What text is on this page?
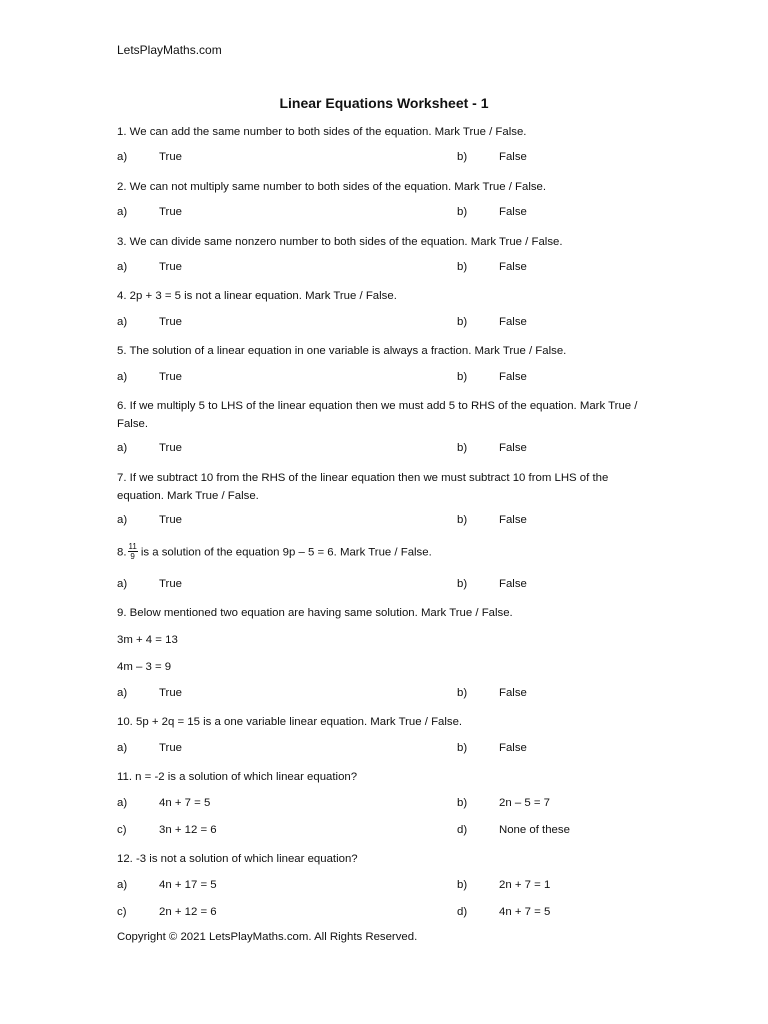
LetsPlayMaths.com
Linear Equations Worksheet - 1
1. We can add the same number to both sides of the equation. Mark True / False.
a)	True	b)	False
2. We can not multiply same number to both sides of the equation. Mark True / False.
a)	True	b)	False
3. We can divide same nonzero number to both sides of the equation. Mark True / False.
a)	True	b)	False
4. 2p + 3 = 5 is not a linear equation. Mark True / False.
a)	True	b)	False
5. The solution of a linear equation in one variable is always a fraction. Mark True / False.
a)	True	b)	False
6. If we multiply 5 to LHS of the linear equation then we must add 5 to RHS of the equation. Mark True / False.
a)	True	b)	False
7. If we subtract 10 from the RHS of the linear equation then we must subtract 10 from LHS of the equation. Mark True / False.
a)	True	b)	False
8. $\frac{11}{9}$ is a solution of the equation 9p – 5 = 6. Mark True / False.
a)	True	b)	False
9. Below mentioned two equation are having same solution. Mark True / False.
3m + 4 = 13
4m – 3 = 9
a)	True	b)	False
10. 5p + 2q = 15 is a one variable linear equation. Mark True / False.
a)	True	b)	False
11. n = -2 is a solution of which linear equation?
a)	4n + 7 = 5	b)	2n – 5 = 7
c)	3n + 12 = 6	d)	None of these
12. -3 is not a solution of which linear equation?
a)	4n + 17 = 5	b)	2n + 7 = 1
c)	2n + 12 = 6	d)	4n + 7 = 5
Copyright © 2021 LetsPlayMaths.com. All Rights Reserved.
